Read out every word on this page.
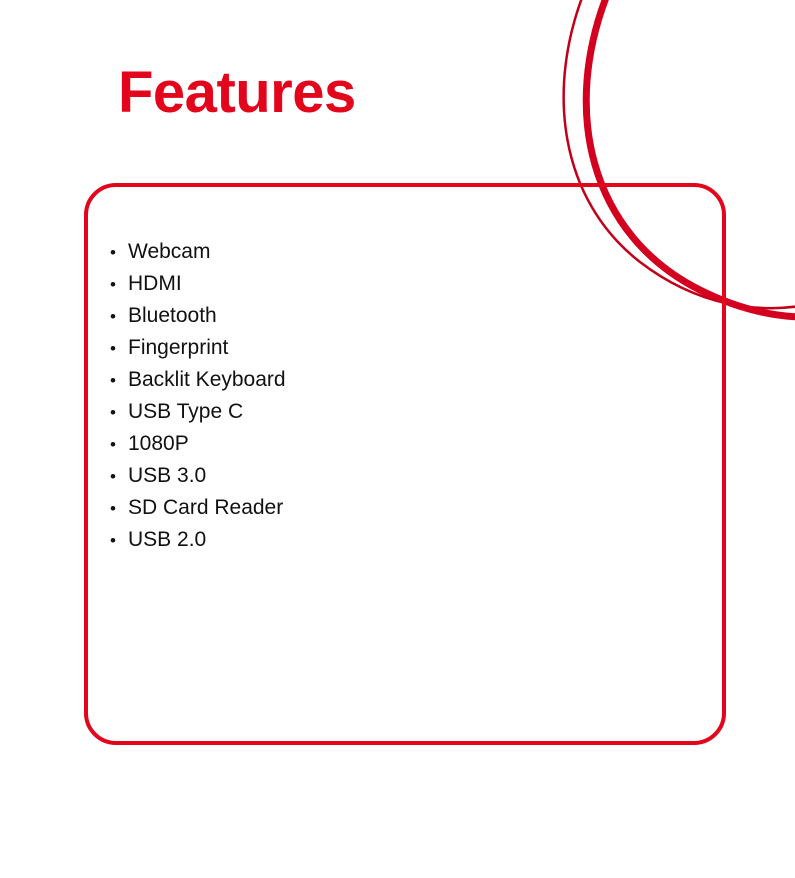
Features
• Webcam
• HDMI
• Bluetooth
• Fingerprint
• Backlit Keyboard
• USB Type C
• 1080P
• USB 3.0
• SD Card Reader
• USB 2.0
